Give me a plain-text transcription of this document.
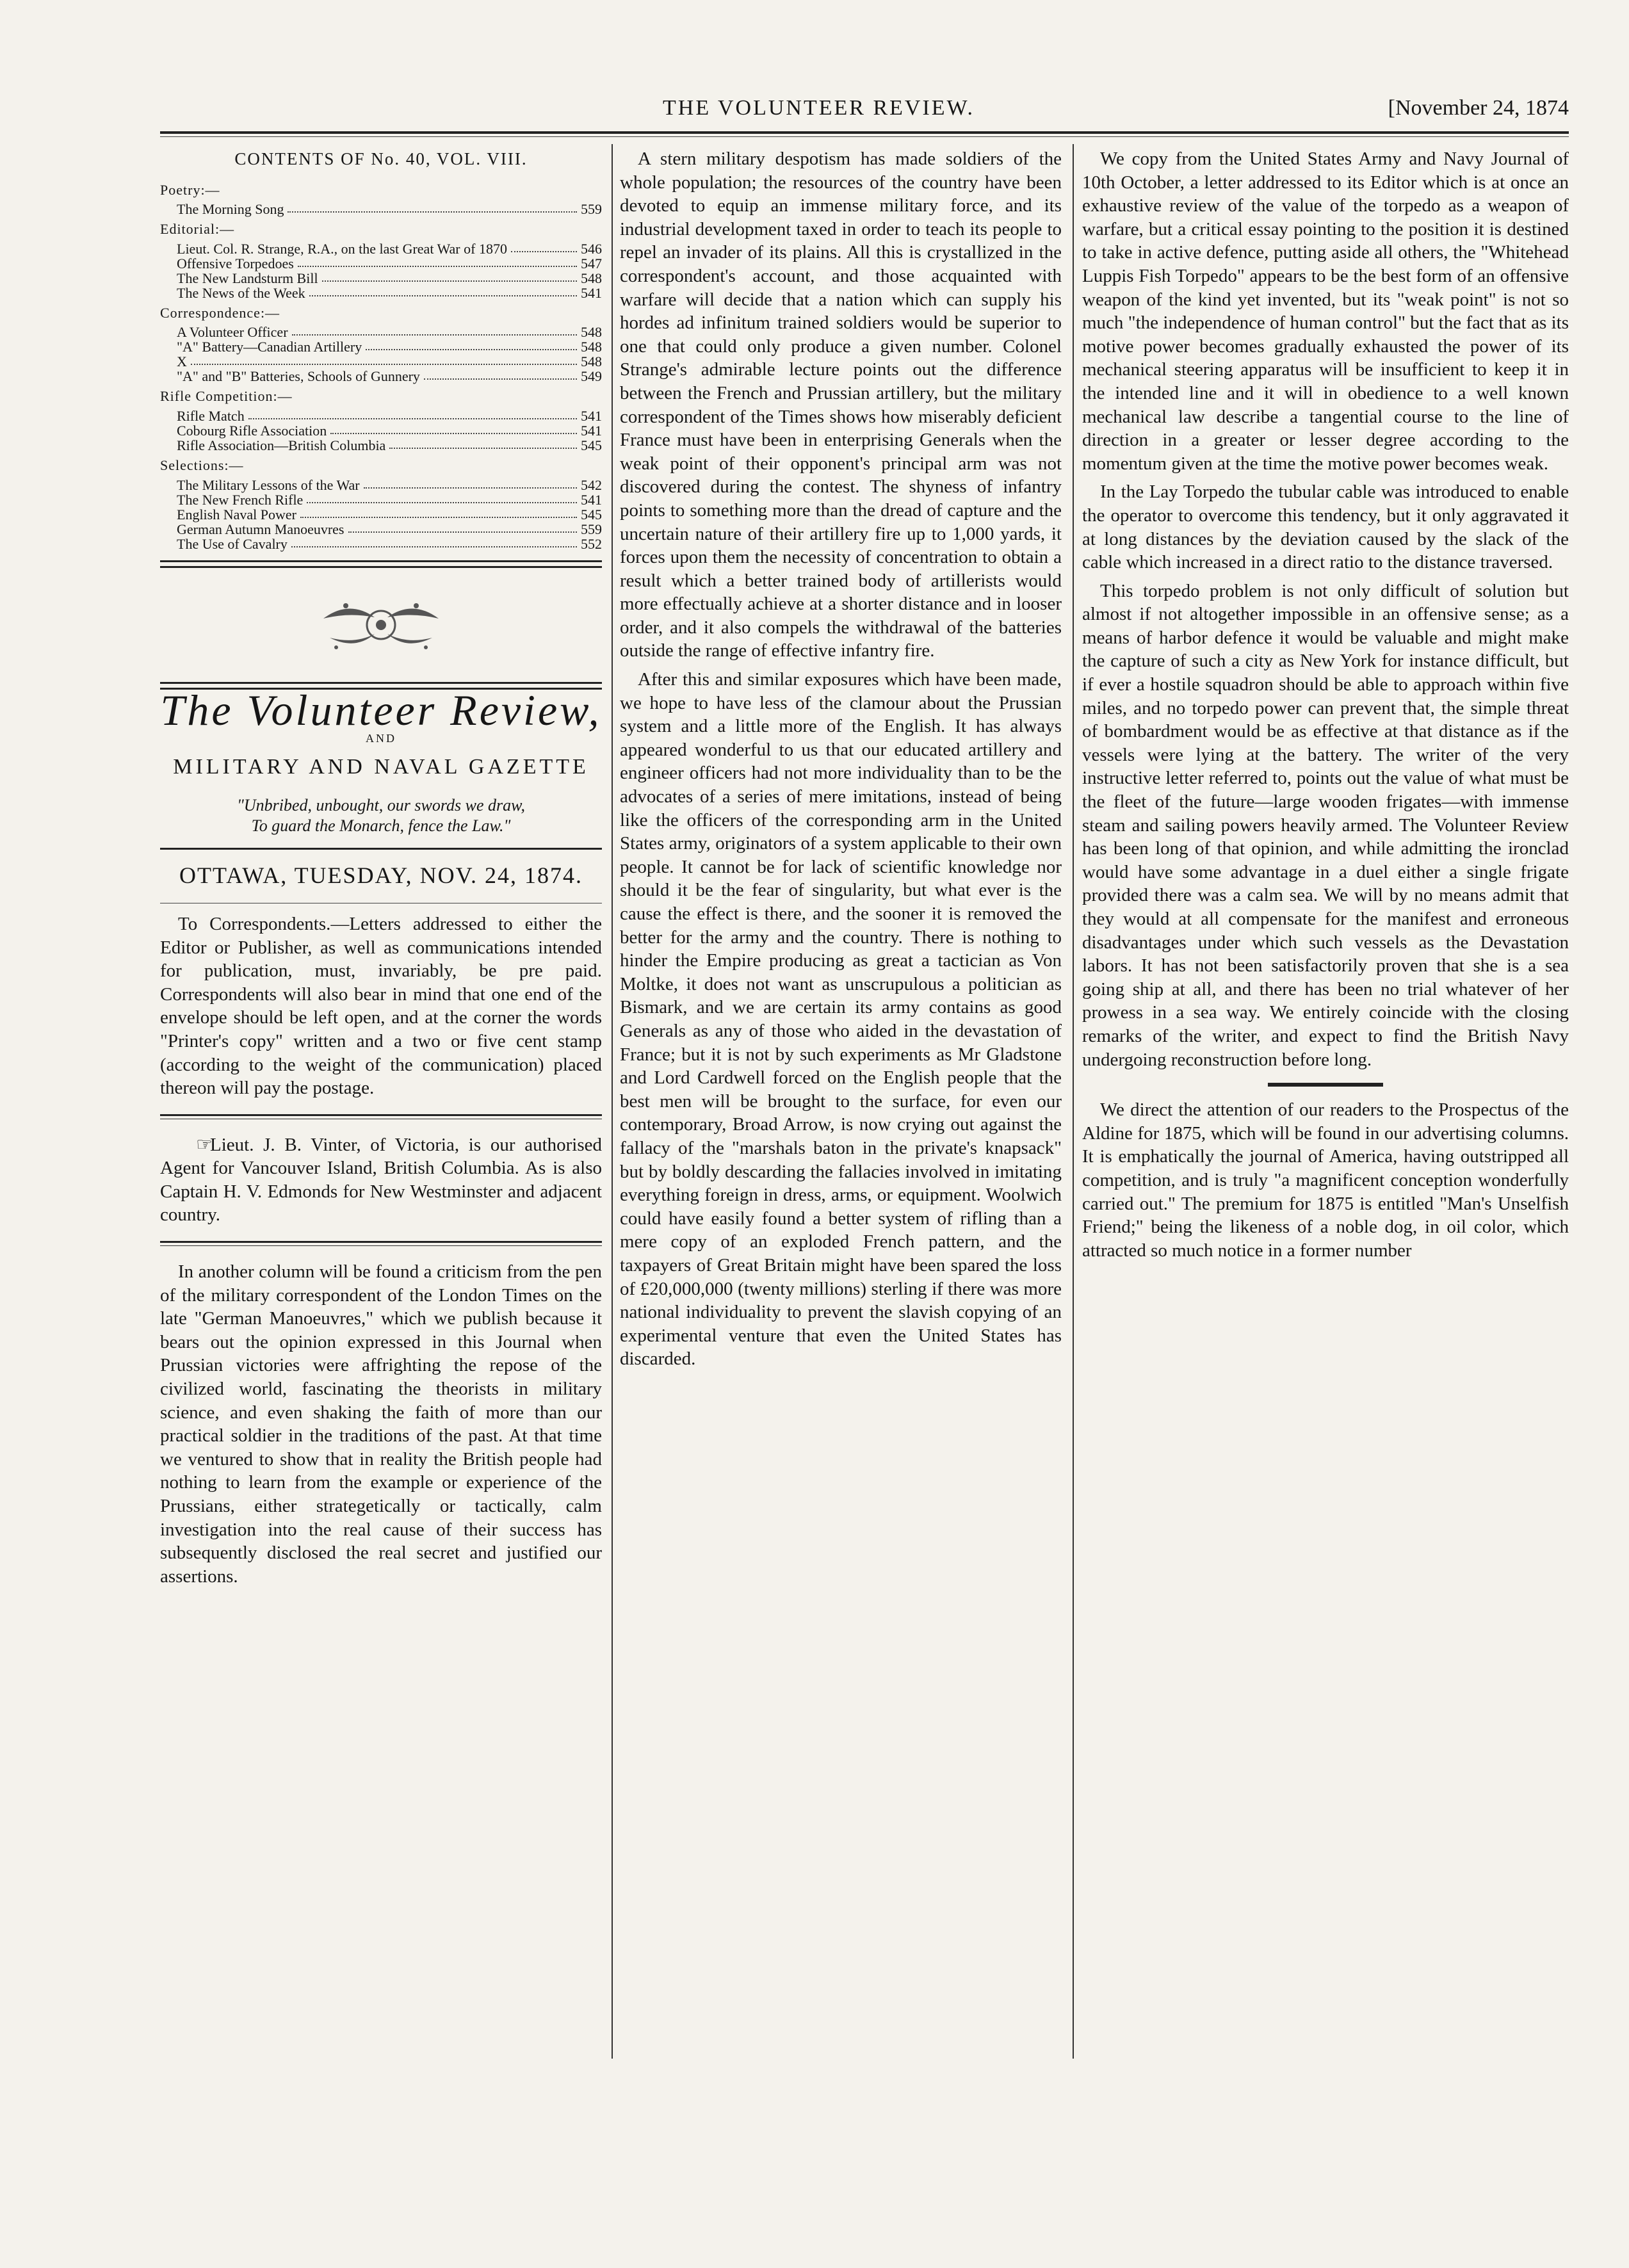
THE VOLUNTEER REVIEW.	[November 24, 1874
CONTENTS OF No. 40, VOL. VIII.
Poetry:—
The Morning Song	559
Editorial:—
Lieut. Col. R. Strange, R.A., on the last Great War of 1870	546
Offensive Torpedoes	547
The New Landsturm Bill	548
The News of the Week	541
Correspondence:—
A Volunteer Officer	548
"A" Battery—Canadian Artillery	548
X	548
"A" and "B" Batteries, Schools of Gunnery	549
Rifle Competition:—
Rifle Match	541
Cobourg Rifle Association	541
Rifle Association—British Columbia	545
Selections:—
The Military Lessons of the War	542
The New French Rifle	541
English Naval Power	545
German Autumn Manoeuvres	559
The Use of Cavalry	552
The Volunteer Review,
AND
MILITARY AND NAVAL GAZETTE
"Unbribed, unbought, our swords we draw,
To guard the Monarch, fence the Law."
OTTAWA, TUESDAY, NOV. 24, 1874.

To Correspondents.—Letters addressed to either the Editor or Publisher, as well as communications intended for publication, must, invariably, be pre paid. Correspondents will also bear in mind that one end of the envelope should be left open, and at the corner the words "Printer's copy" written and a two or five cent stamp (according to the weight of the communication) placed thereon will pay the postage.

☞Lieut. J. B. Vinter, of Victoria, is our authorised Agent for Vancouver Island, British Columbia. As is also Captain H. V. Edmonds for New Westminster and adjacent country.

In another column will be found a criticism from the pen of the military correspondent of the London Times on the late "German Manoeuvres," which we publish because it bears out the opinion expressed in this Journal when Prussian victories were affrighting the repose of the civilized world, fascinating the theorists in military science, and even shaking the faith of more than our practical soldier in the traditions of the past. At that time we ventured to show that in reality the British people had nothing to learn from the example or experience of the Prussians, either strategetically or tactically, calm investigation into the real cause of their success has subsequently disclosed the real secret and justified our assertions.

A stern military despotism has made soldiers of the whole population; the resources of the country have been devoted to equip an immense military force, and its industrial development taxed in order to teach its people to repel an invader of its plains. All this is crystallized in the correspondent's account, and those acquainted with warfare will decide that a nation which can supply his hordes ad infinitum trained soldiers would be superior to one that could only produce a given number. Colonel Strange's admirable lecture points out the difference between the French and Prussian artillery, but the military correspondent of the Times shows how miserably deficient France must have been in enterprising Generals when the weak point of their opponent's principal arm was not discovered during the contest. The shyness of infantry points to something more than the dread of capture and the uncertain nature of their artillery fire up to 1,000 yards, it forces upon them the necessity of concentration to obtain a result which a better trained body of artillerists would more effectually achieve at a shorter distance and in looser order, and it also compels the withdrawal of the batteries outside the range of effective infantry fire.

After this and similar exposures which have been made, we hope to have less of the clamour about the Prussian system and a little more of the English. It has always appeared wonderful to us that our educated artillery and engineer officers had not more individuality than to be the advocates of a series of mere imitations, instead of being like the officers of the corresponding arm in the United States army, originators of a system applicable to their own people. It cannot be for lack of scientific knowledge nor should it be the fear of singularity, but what ever is the cause the effect is there, and the sooner it is removed the better for the army and the country. There is nothing to hinder the Empire producing as great a tactician as Von Moltke, it does not want as unscrupulous a politician as Bismark, and we are certain its army contains as good Generals as any of those who aided in the devastation of France; but it is not by such experiments as Mr Gladstone and Lord Cardwell forced on the English people that the best men will be brought to the surface, for even our contemporary, Broad Arrow, is now crying out against the fallacy of the "marshals baton in the private's knapsack" but by boldly descarding the fallacies involved in imitating everything foreign in dress, arms, or equipment. Woolwich could have easily found a better system of rifling than a mere copy of an exploded French pattern, and the taxpayers of Great Britain might have been spared the loss of £20,000,000 (twenty millions) sterling if there was more national individuality to prevent the slavish copying of an experimental venture that even the United States has discarded.

We copy from the United States Army and Navy Journal of 10th October, a letter addressed to its Editor which is at once an exhaustive review of the value of the torpedo as a weapon of warfare, but a critical essay pointing to the position it is destined to take in active defence, putting aside all others, the "Whitehead Luppis Fish Torpedo" appears to be the best form of an offensive weapon of the kind yet invented, but its "weak point" is not so much "the independence of human control" but the fact that as its motive power becomes gradually exhausted the power of its mechanical steering apparatus will be insufficient to keep it in the intended line and it will in obedience to a well known mechanical law describe a tangential course to the line of direction in a greater or lesser degree according to the momentum given at the time the motive power becomes weak.

In the Lay Torpedo the tubular cable was introduced to enable the operator to overcome this tendency, but it only aggravated it at long distances by the deviation caused by the slack of the cable which increased in a direct ratio to the distance traversed.

This torpedo problem is not only difficult of solution but almost if not altogether impossible in an offensive sense; as a means of harbor defence it would be valuable and might make the capture of such a city as New York for instance difficult, but if ever a hostile squadron should be able to approach within five miles, and no torpedo power can prevent that, the simple threat of bombardment would be as effective at that distance as if the vessels were lying at the battery. The writer of the very instructive letter referred to, points out the value of what must be the fleet of the future—large wooden frigates—with immense steam and sailing powers heavily armed. The Volunteer Review has been long of that opinion, and while admitting the ironclad would have some advantage in a duel either a single frigate provided there was a calm sea. We will by no means admit that they would at all compensate for the manifest and erroneous disadvantages under which such vessels as the Devastation labors. It has not been satisfactorily proven that she is a sea going ship at all, and there has been no trial whatever of her prowess in a sea way. We entirely coincide with the closing remarks of the writer, and expect to find the British Navy undergoing reconstruction before long.

We direct the attention of our readers to the Prospectus of the Aldine for 1875, which will be found in our advertising columns. It is emphatically the journal of America, having outstripped all competition, and is truly "a magnificent conception wonderfully carried out." The premium for 1875 is entitled "Man's Unselfish Friend;" being the likeness of a noble dog, in oil color, which attracted so much notice in a former number
